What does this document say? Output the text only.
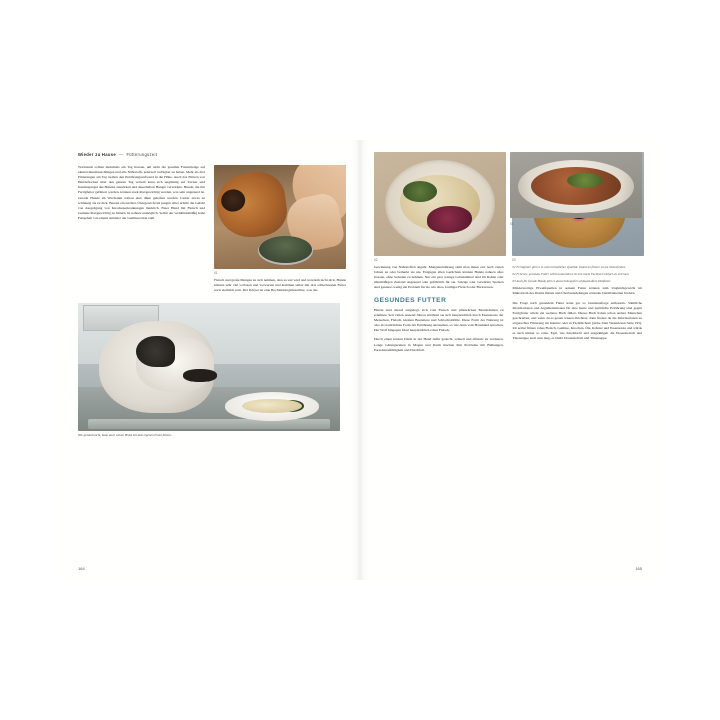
Wieder zu Hause — Fütterungszeit

Wachstum sollten mehrmals am Tag fressen, um nicht die gesamte Futtermenge auf einmal hineinzuschlingen und alle Nährstoffe jederzeit verfügbar zu haben. Mehr als drei Fütterungen am Tag treiben den Ernährungsaufwand in die Höhe. Auch das Füttern von Hundeflocken über den ganzen Tag verteilt kann sich ungünstig auf Zucker und Insulinspiegel des Hundes auswirken und dauerhaften Hunger verstärken. Hunde, die mit Fertigfutter gefüttert werden, können stark übergewichtig werden, was sehr ungesund ist. Gerade Hunde im Wachstum sollten eher dünn gehalten werden. Lieber etwas zu schlaksig als zu dick. Bereits ein leichtes Übergewicht im jungen Alter erhöht die Gefahr von Ausprägung von Knochenerkrankungen merklich. Einer Hund mit Fleisch und Gemüse übergewichtig zu füttern, ist nahezu unmöglich. Selbst der verhältnismäßig hohe Fettgehalt von einem Anbieter der Gemüseration zum

01

Fleisch und große Mengen zu sich nehmen, dass es satt wird und trotzdem nicht dick. Hunde können sehr viel vorlaxen und vorwerten und kommen selbst mit drei schlechtesten Futter noch ziemlich weit. Der Körper ist eine Hochleistungsmaschine, was das

Wie gesund kocht, kann auch seinen Hund mit dem eigenen Essen füttern.
164
02	03

Gewinnung von Nährstoffen angeht. Mangelernährung sieht man ihnen erst nach vielen Jahren an oder bemerkt sie nie. Entgegen allen Gerüchten können Hunde nahezu alles fressen, ohne Schaden zu nehmen. Nur ein paar wenige Lebensmittel sind im Rohen oder übermäßigen Zustand ungesund oder gefährlich für sie. Salzige oder Gewürzte Speisen sind genauso wenig ein Problem für sie wie altes, faulliges Fleisch oder Backwaren.

GESUNDES FUTTER

Hunde sind darauf ausgelegt, sich vom Fleisch und pflanzlichen Bestandteilen zu ernähren. Seit vielen tausend Jahren ernähren sie sich hauptsächlich durch Essensreste der Menschen, Fleisch, kleinen Beutetiere und Schlachtabfälle. Diese Form der Nahrung ist also als natürlichste Form der Ernährung anzusehen, so wie denn vom Haushund sprechen. Der Wolf hingegen frisst hauptsächlich rohes Fleisch.

Durch einen kurzen Darm in der Hund dafür gedacht, schnell und effektiv zu verdauen. Lange Gärungszeiten in Magen und Darm machen ihm Probleme mit Blähungen, Parasitenanfälligkeit und Durchfall.

01 Fertigfutter gibt es in unterschiedlicher Qualität. Damit an füttern ist am lebensfrohen.

02 Frisches, gesundes Futter selbst auszurühren ist mit einem Fachbuch einfach zu erlernen.

03 Auch für fressde Hunde gibt es abwechslungsfrei schlagsmußere Diätfutter.

Minderwertige Eiweißquellen in seinem Futter können zum Ungleichgewicht im Mikrobiom des Darms führen und Überbesiedelungen nötender Darmbakterien fördern.

Die Frage nach gesundem Futter kann gar so Glaubensfrage entfesseln. Sämtliche Informationen und Argumentationen für eine heute und natürliche Ernährung sind gegen Fertigfutter würde ein weiteres Buch füllen. Dieses Buch haben schon andere Menschen geschrieben, und wenn du es genau wissen möchtest, dann findest du die Informationen zu artgerechter Fütterung im Internet oder in Fachbüchern (siehe Zum Weiterlesen Seite 195). Ich selbst füttere rohes Fleisch, Gemüse, Knochen, Öle, Kräuter und Essensreste und würde es auch immer so raten. Egal, wie durchdacht und ausgeklügelt die Dosensteiveli und Tütensuppe auch sein mag, es bleibt Dosensteiveli und Tütensuppe.

04
165
